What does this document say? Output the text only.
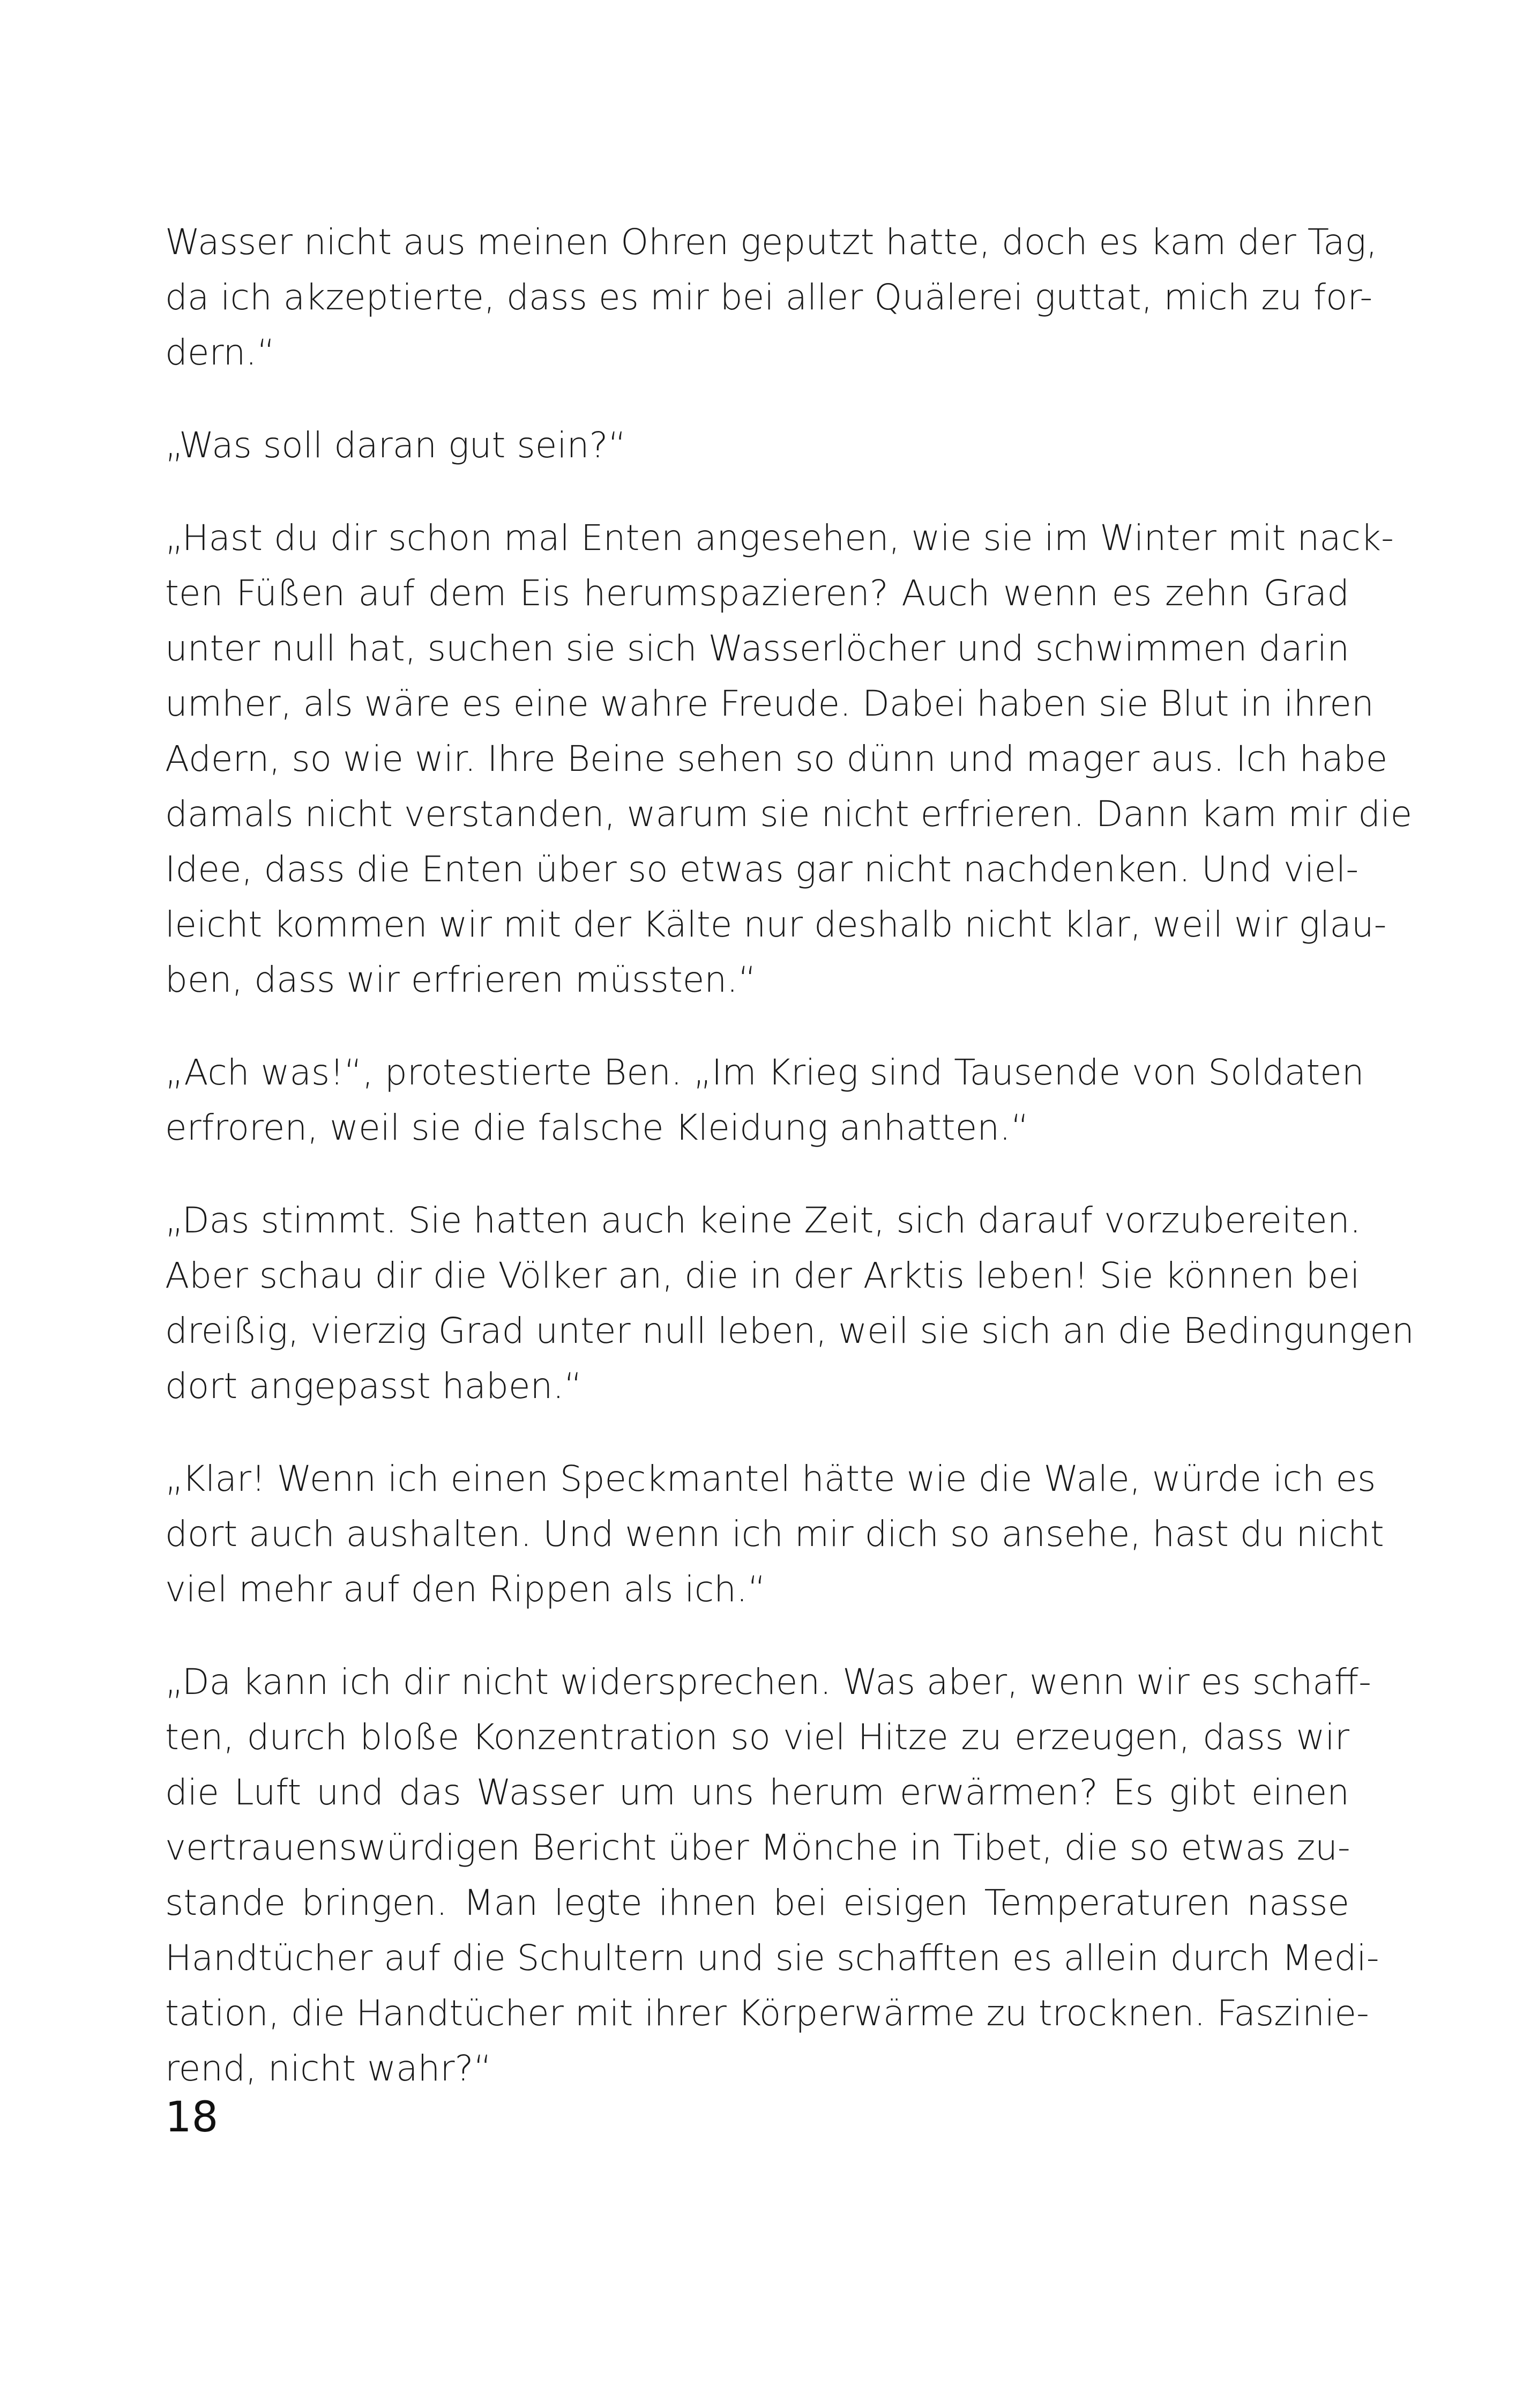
Wasser nicht aus meinen Ohren geputzt hatte, doch es kam der Tag,
da ich akzeptierte, dass es mir bei aller Quälerei guttat, mich zu for-
dern.“

„Was soll daran gut sein?“

„Hast du dir schon mal Enten angesehen, wie sie im Winter mit nack-
ten Füßen auf dem Eis herumspazieren? Auch wenn es zehn Grad
unter null hat, suchen sie sich Wasserlöcher und schwimmen darin
umher, als wäre es eine wahre Freude. Dabei haben sie Blut in ihren
Adern, so wie wir. Ihre Beine sehen so dünn und mager aus. Ich habe
damals nicht verstanden, warum sie nicht erfrieren. Dann kam mir die
Idee, dass die Enten über so etwas gar nicht nachdenken. Und viel-
leicht kommen wir mit der Kälte nur deshalb nicht klar, weil wir glau-
ben, dass wir erfrieren müssten.“

„Ach was!“, protestierte Ben. „Im Krieg sind Tausende von Soldaten
erfroren, weil sie die falsche Kleidung anhatten.“

„Das stimmt. Sie hatten auch keine Zeit, sich darauf vorzubereiten.
Aber schau dir die Völker an, die in der Arktis leben! Sie können bei
dreißig, vierzig Grad unter null leben, weil sie sich an die Bedingungen
dort angepasst haben.“

„Klar! Wenn ich einen Speckmantel hätte wie die Wale, würde ich es
dort auch aushalten. Und wenn ich mir dich so ansehe, hast du nicht
viel mehr auf den Rippen als ich.“

„Da kann ich dir nicht widersprechen. Was aber, wenn wir es schaff-
ten, durch bloße Konzentration so viel Hitze zu erzeugen, dass wir
die Luft und das Wasser um uns herum erwärmen? Es gibt einen
vertrauenswürdigen Bericht über Mönche in Tibet, die so etwas zu-
stande bringen. Man legte ihnen bei eisigen Temperaturen nasse
Handtücher auf die Schultern und sie schafften es allein durch Medi-
tation, die Handtücher mit ihrer Körperwärme zu trocknen. Faszinie-
rend, nicht wahr?“

18
